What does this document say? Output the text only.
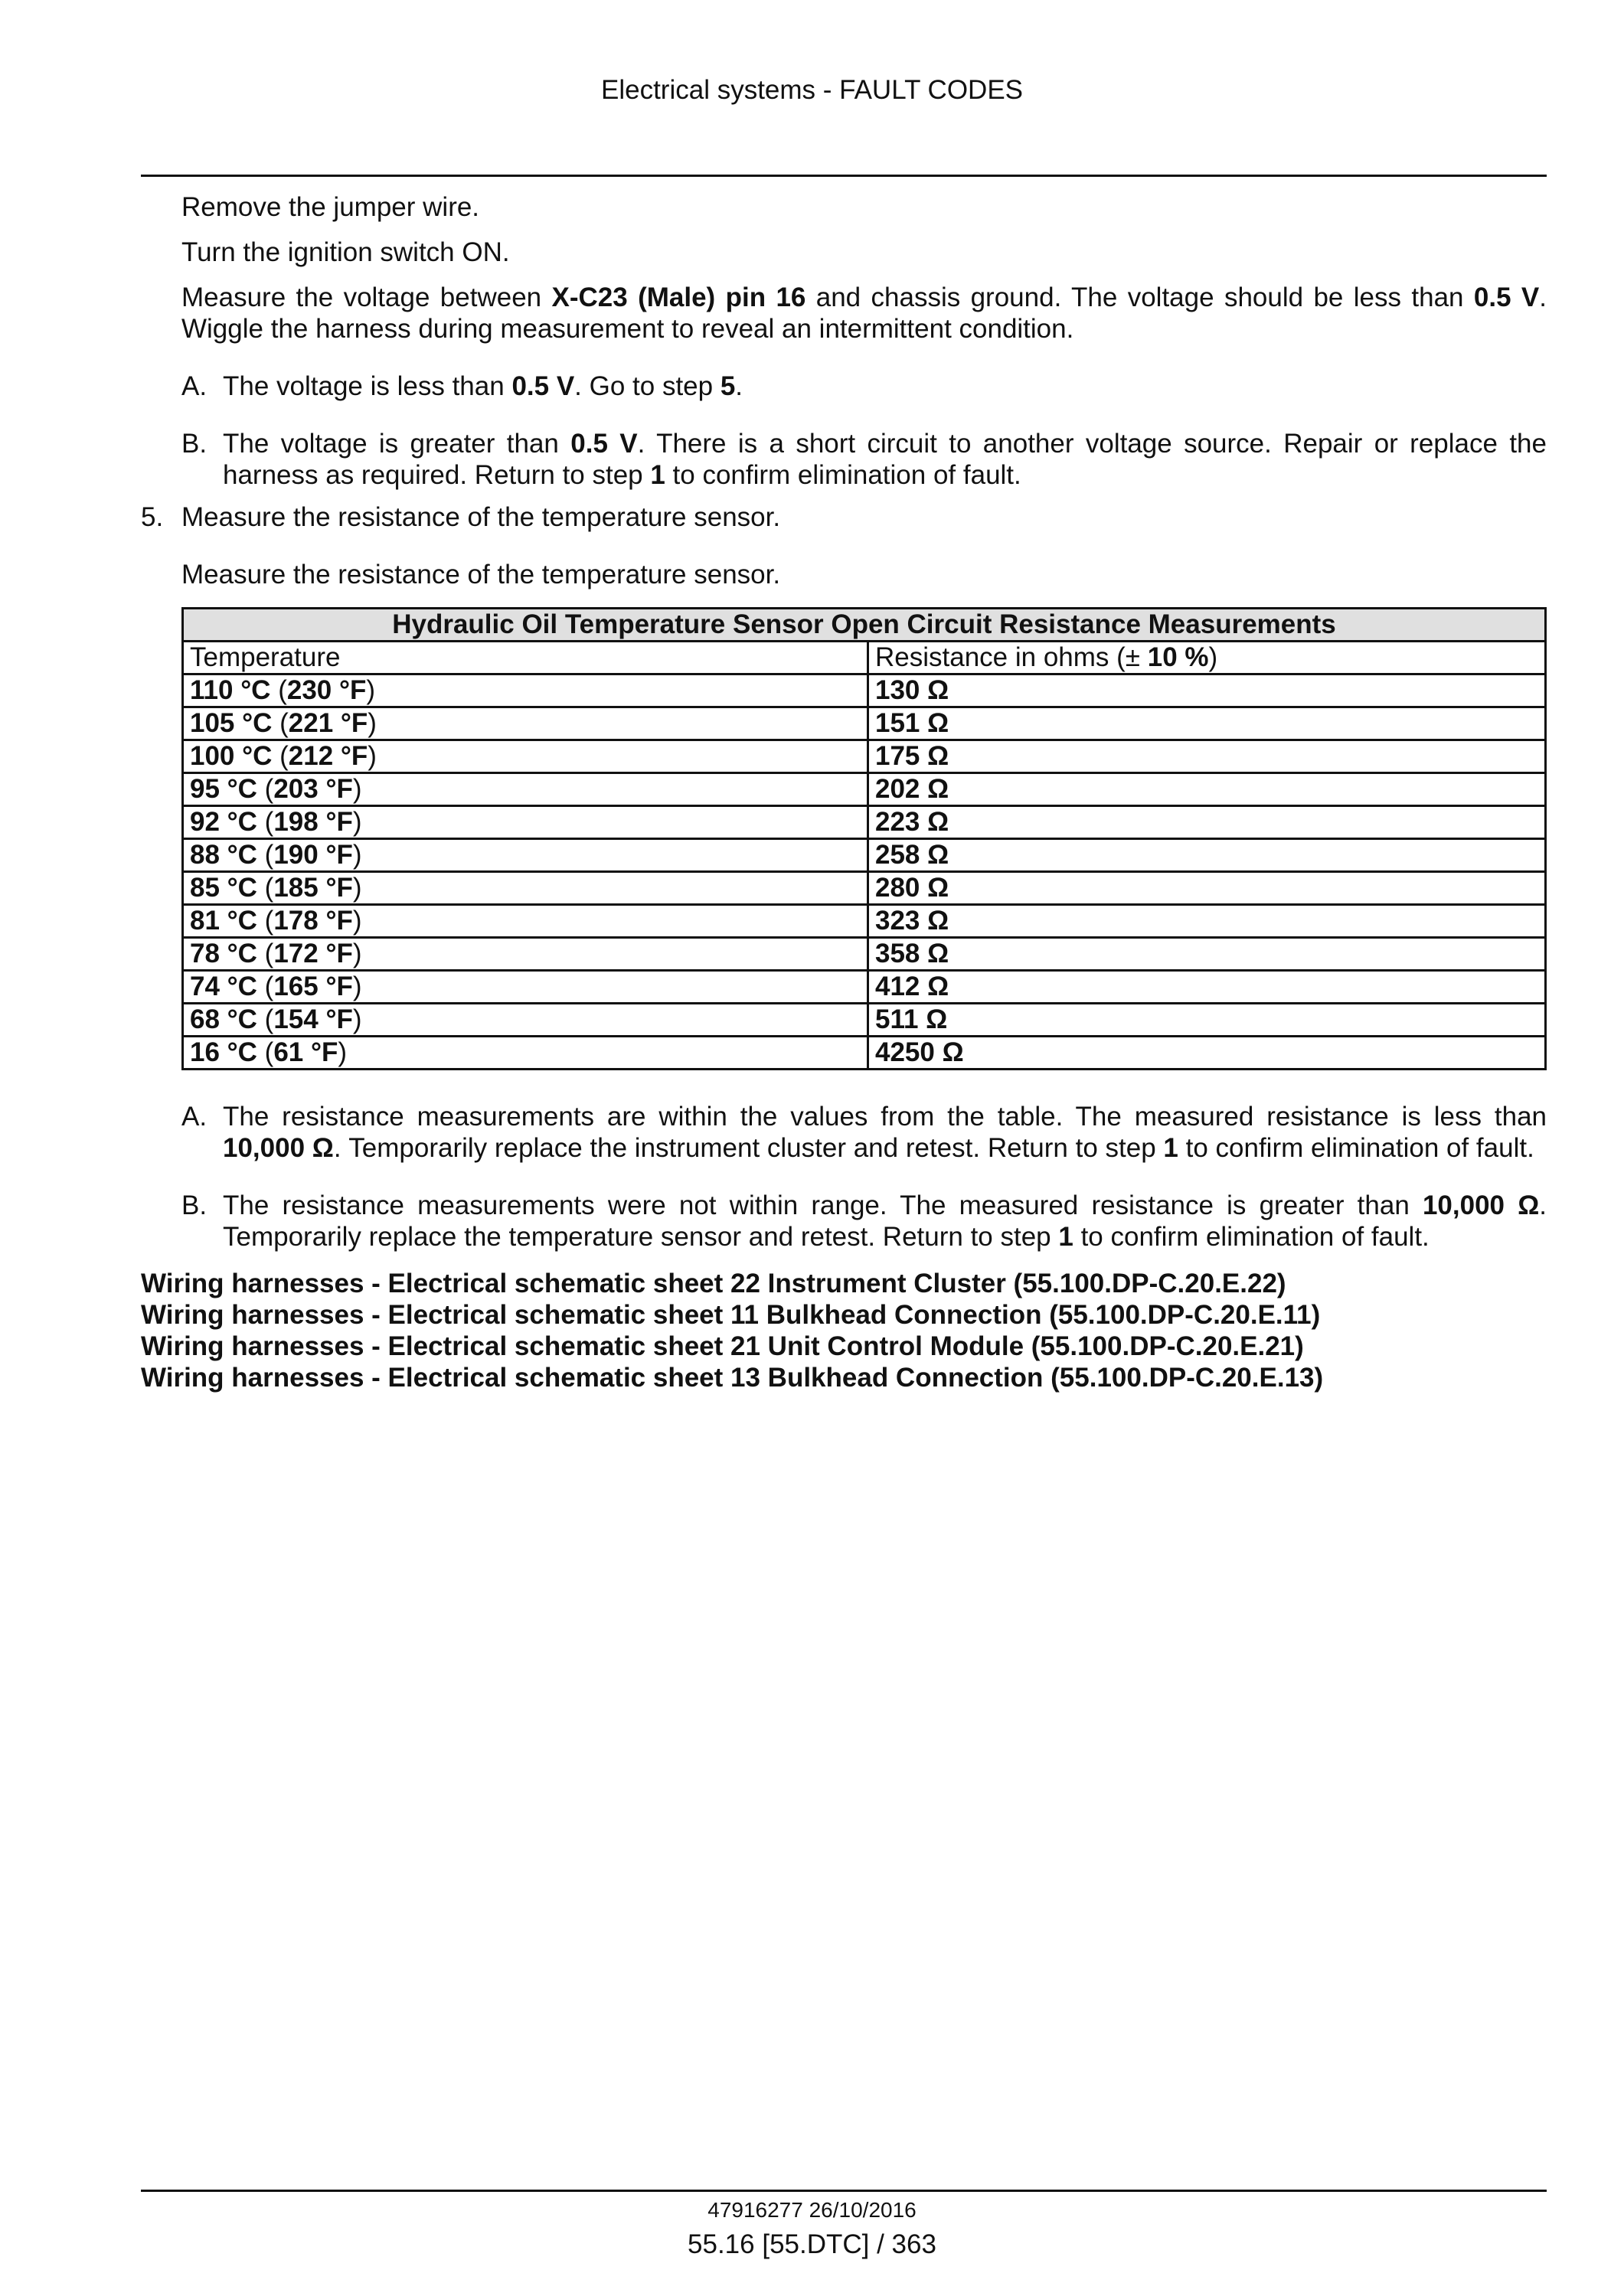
Electrical systems - FAULT CODES
Remove the jumper wire.
Turn the ignition switch ON.
Measure the voltage between X-C23 (Male) pin 16 and chassis ground. The voltage should be less than 0.5 V. Wiggle the harness during measurement to reveal an intermittent condition.
A. The voltage is less than 0.5 V. Go to step 5.
B. The voltage is greater than 0.5 V. There is a short circuit to another voltage source. Repair or replace the harness as required. Return to step 1 to confirm elimination of fault.
5. Measure the resistance of the temperature sensor.
Measure the resistance of the temperature sensor.
Hydraulic Oil Temperature Sensor Open Circuit Resistance Measurements	
Temperature	Resistance in ohms (± 10 %)
110 °C (230 °F)	130 Ω
105 °C (221 °F)	151 Ω
100 °C (212 °F)	175 Ω
95 °C (203 °F)	202 Ω
92 °C (198 °F)	223 Ω
88 °C (190 °F)	258 Ω
85 °C (185 °F)	280 Ω
81 °C (178 °F)	323 Ω
78 °C (172 °F)	358 Ω
74 °C (165 °F)	412 Ω
68 °C (154 °F)	511 Ω
16 °C (61 °F)	4250 Ω
A. The resistance measurements are within the values from the table. The measured resistance is less than 10,000 Ω. Temporarily replace the instrument cluster and retest. Return to step 1 to confirm elimination of fault.
B. The resistance measurements were not within range. The measured resistance is greater than 10,000 Ω. Temporarily replace the temperature sensor and retest. Return to step 1 to confirm elimination of fault.
Wiring harnesses - Electrical schematic sheet 22 Instrument Cluster (55.100.DP-C.20.E.22)
Wiring harnesses - Electrical schematic sheet 11 Bulkhead Connection (55.100.DP-C.20.E.11)
Wiring harnesses - Electrical schematic sheet 21 Unit Control Module (55.100.DP-C.20.E.21)
Wiring harnesses - Electrical schematic sheet 13 Bulkhead Connection (55.100.DP-C.20.E.13)
47916277 26/10/2016
55.16 [55.DTC] / 363
